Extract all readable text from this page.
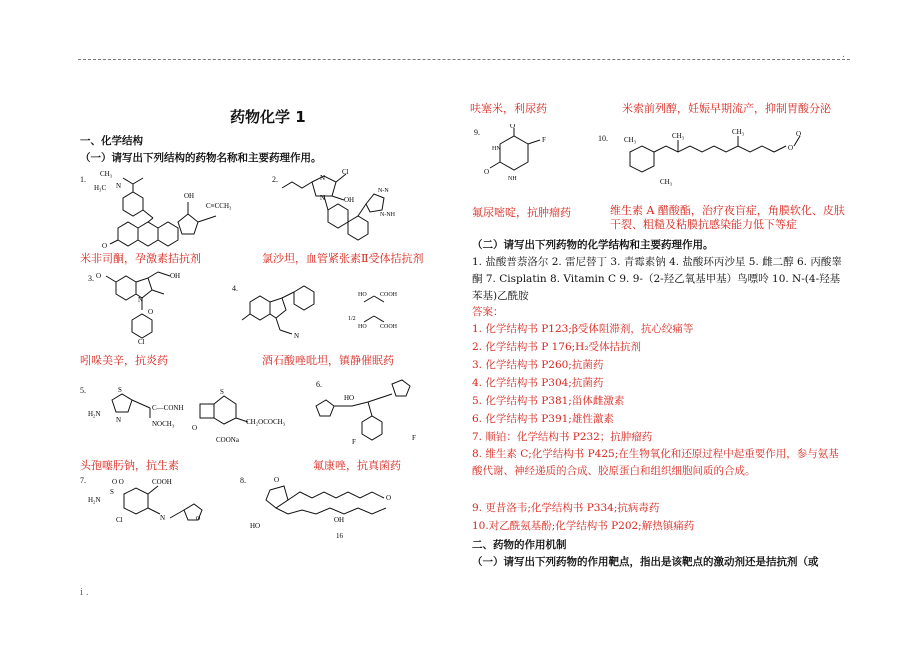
.
i .
药物化学 1
一、化学结构
（一）请写出下列结构的药物名称和主要药理作用。
1.
CH₃
H₃C N
OH
C≡CCH₃
O
米非司酮，孕激素拮抗剂
2.
Cl
OH
N
N
N-N
N-NH
氯沙坦，血管紧张素Ⅱ受体拮抗剂
3. O	OH
N
O
Cl
吲哚美辛，抗炎药
4.
N
1/2
HO COOH
HO COOH
酒石酸唑吡坦，镇静催眠药
5.
H₂N
S
N
C—CONH
NOCH₃
S
CH₂OCOCH₃
O
COONa
头孢噻肟钠，抗生素
6.
HO
F	F
氟康唑，抗真菌药
7.
H₂N
S
O O	COOH
Cl	N	O
8.	O
O
HO
OH
16
呋塞米，利尿药	米索前列醇，妊娠早期流产，抑制胃酸分泌
9.
O
O
F
HN
NH
氟尿嘧啶，抗肿瘤药
10. CH₃	CH₃	CH₃
CH₃
O
O
维生素 A 醋酸酯，治疗夜盲症，角膜软化、皮肤干裂、粗糙及粘膜抗感染能力低下等症
（二）请写出下列药物的化学结构和主要药理作用。
1. 盐酸普萘洛尔 2. 雷尼替丁 3. 青霉素钠 4. 盐酸环丙沙星 5. 雌二醇 6. 丙酸睾酮 7. Cisplatin 8. Vitamin C 9. 9-（2-羟乙氧基甲基）鸟嘌呤 10. N-(4-羟基苯基)乙酰胺
答案：
1. 化学结构书 P123;β受体阻滞剂，抗心绞痛等
2. 化学结构书 P 176;H₂受体拮抗剂
3. 化学结构书 P260;抗菌药
4. 化学结构书 P304;抗菌药
5. 化学结构书 P381;甾体雌激素
6. 化学结构书 P391;雄性激素
7. 顺铂：化学结构书 P232；抗肿瘤药
8. 维生素 C;化学结构书 P425;在生物氧化和还原过程中起重要作用，参与氨基酸代谢、神经递质的合成、胶原蛋白和组织细胞间质的合成。
9. 更昔洛韦;化学结构书 P334;抗病毒药
10.对乙酰氨基酚;化学结构书 P202;解热镇痛药
二、药物的作用机制
（一）请写出下列药物的作用靶点，指出是该靶点的激动剂还是拮抗剂（或
